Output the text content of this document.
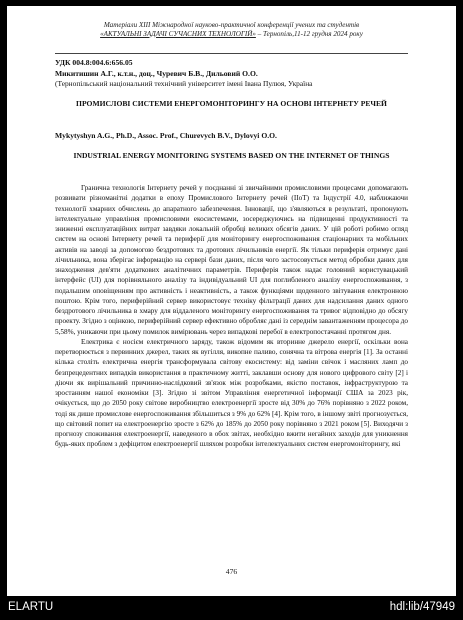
Матеріали XIII Міжнародної науково-практичної конференції учених та студентів
«АКТУАЛЬНІ ЗАДАЧІ СУЧАСНИХ ТЕХНОЛОГІЙ» – Тернопіль,11-12 грудня 2024 року
УДК 004.8:004.6:656.05
Микитишин А.Г., к.т.н., доц., Чуревич Б.В., Дильовий О.О.
(Тернопільський національний технічний університет імені Івана Пулюя, Україна
ПРОМИСЛОВІ СИСТЕМИ ЕНЕРГОМОНІТОРИНГУ НА ОСНОВІ ІНТЕРНЕТУ РЕЧЕЙ
Mykytyshyn A.G., Ph.D., Assoc. Prof., Churevych B.V., Dylovyi O.O.
INDUSTRIAL ENERGY MONITORING SYSTEMS BASED ON THE INTERNET OF THINGS

Гранична технологія Інтернету речей у поєднанні зі звичайними промисловими процесами допомагають розвивати різноманітні додатки в епоху Промислового Інтернету речей (IIoT) та Індустрії 4.0, наближаючи технології хмарних обчислень до апаратного забезпечення. Інновації, що з'являються в результаті, пропонують інтелектуальне управління промисловими екосистемами, зосереджуючись на підвищенні продуктивності та зниженні експлуатаційних витрат завдяки локальній обробці великих обсягів даних. У цій роботі робимо огляд систем на основі Інтернету речей та периферії для моніторингу енергоспоживання стаціонарних та мобільних активів на заводі за допомогою бездротових та дротових лічильників енергії. Як тільки периферія отримує дані лічильника, вона зберігає інформацію на сервері бази даних, після чого застосовується метод обробки даних для знаходження дев'яти додаткових аналітичних параметрів. Периферія також надає головний користувацький інтерфейс (UI) для порівняльного аналізу та індивідуальний UI для поглибленого аналізу енергоспоживання, з подальшим оповіщенням про активність і неактивність, а також функціями щоденного звітування електронною поштою. Крім того, периферійний сервер використовує техніку фільтрації даних для надсилання даних одного бездротового лічильника в хмару для віддаленого моніторингу енергоспоживання та тривог відповідно до обсягу проекту. Згідно з оцінкою, периферійний сервер ефективно обробляє дані із середнім завантаженням процесора до 5,58%, уникаючи при цьому помилок вимірювань через випадкові перебої в електропостачанні протягом дня.

Електрика є носієм електричного заряду, також відомим як вторинне джерело енергії, оскільки вона перетворюється з первинних джерел, таких як вугілля, викопне паливо, сонячна та вітрова енергія [1]. За останні кілька століть електрична енергія трансформувала світову екосистему: від заміни свічок і масляних ламп до безпрецедентних випадків використання в практичному житті, заклавши основу для нового цифрового світу [2] і діючи як вирішальний причинно-наслідковий зв'язок між розробками, якістю поставок, інфраструктурою та зростанням нашої економіки [3]. Згідно зі звітом Управління енергетичної інформації США за 2023 рік, очікується, що до 2050 року світове виробництво електроенергії зросте від 30% до 76% порівняно з 2022 роком, тоді як дише промислове енергоспоживання збільшиться з 9% до 62% [4]. Крім того, в іншому звіті прогнозується, що світовий попит на електроенергію зросте з 62% до 185% до 2050 року порівняно з 2021 роком [5]. Виходячи з прогнозу споживання електроенергії, наведеного в обох звітах, необхідно вжити негайних заходів для уникнення будь-яких проблем з дефіцитом електроенергії шляхом розробки інтелектуальних систем енергомоніторингу, які

476
ELARTU	hdl:lib/47949
